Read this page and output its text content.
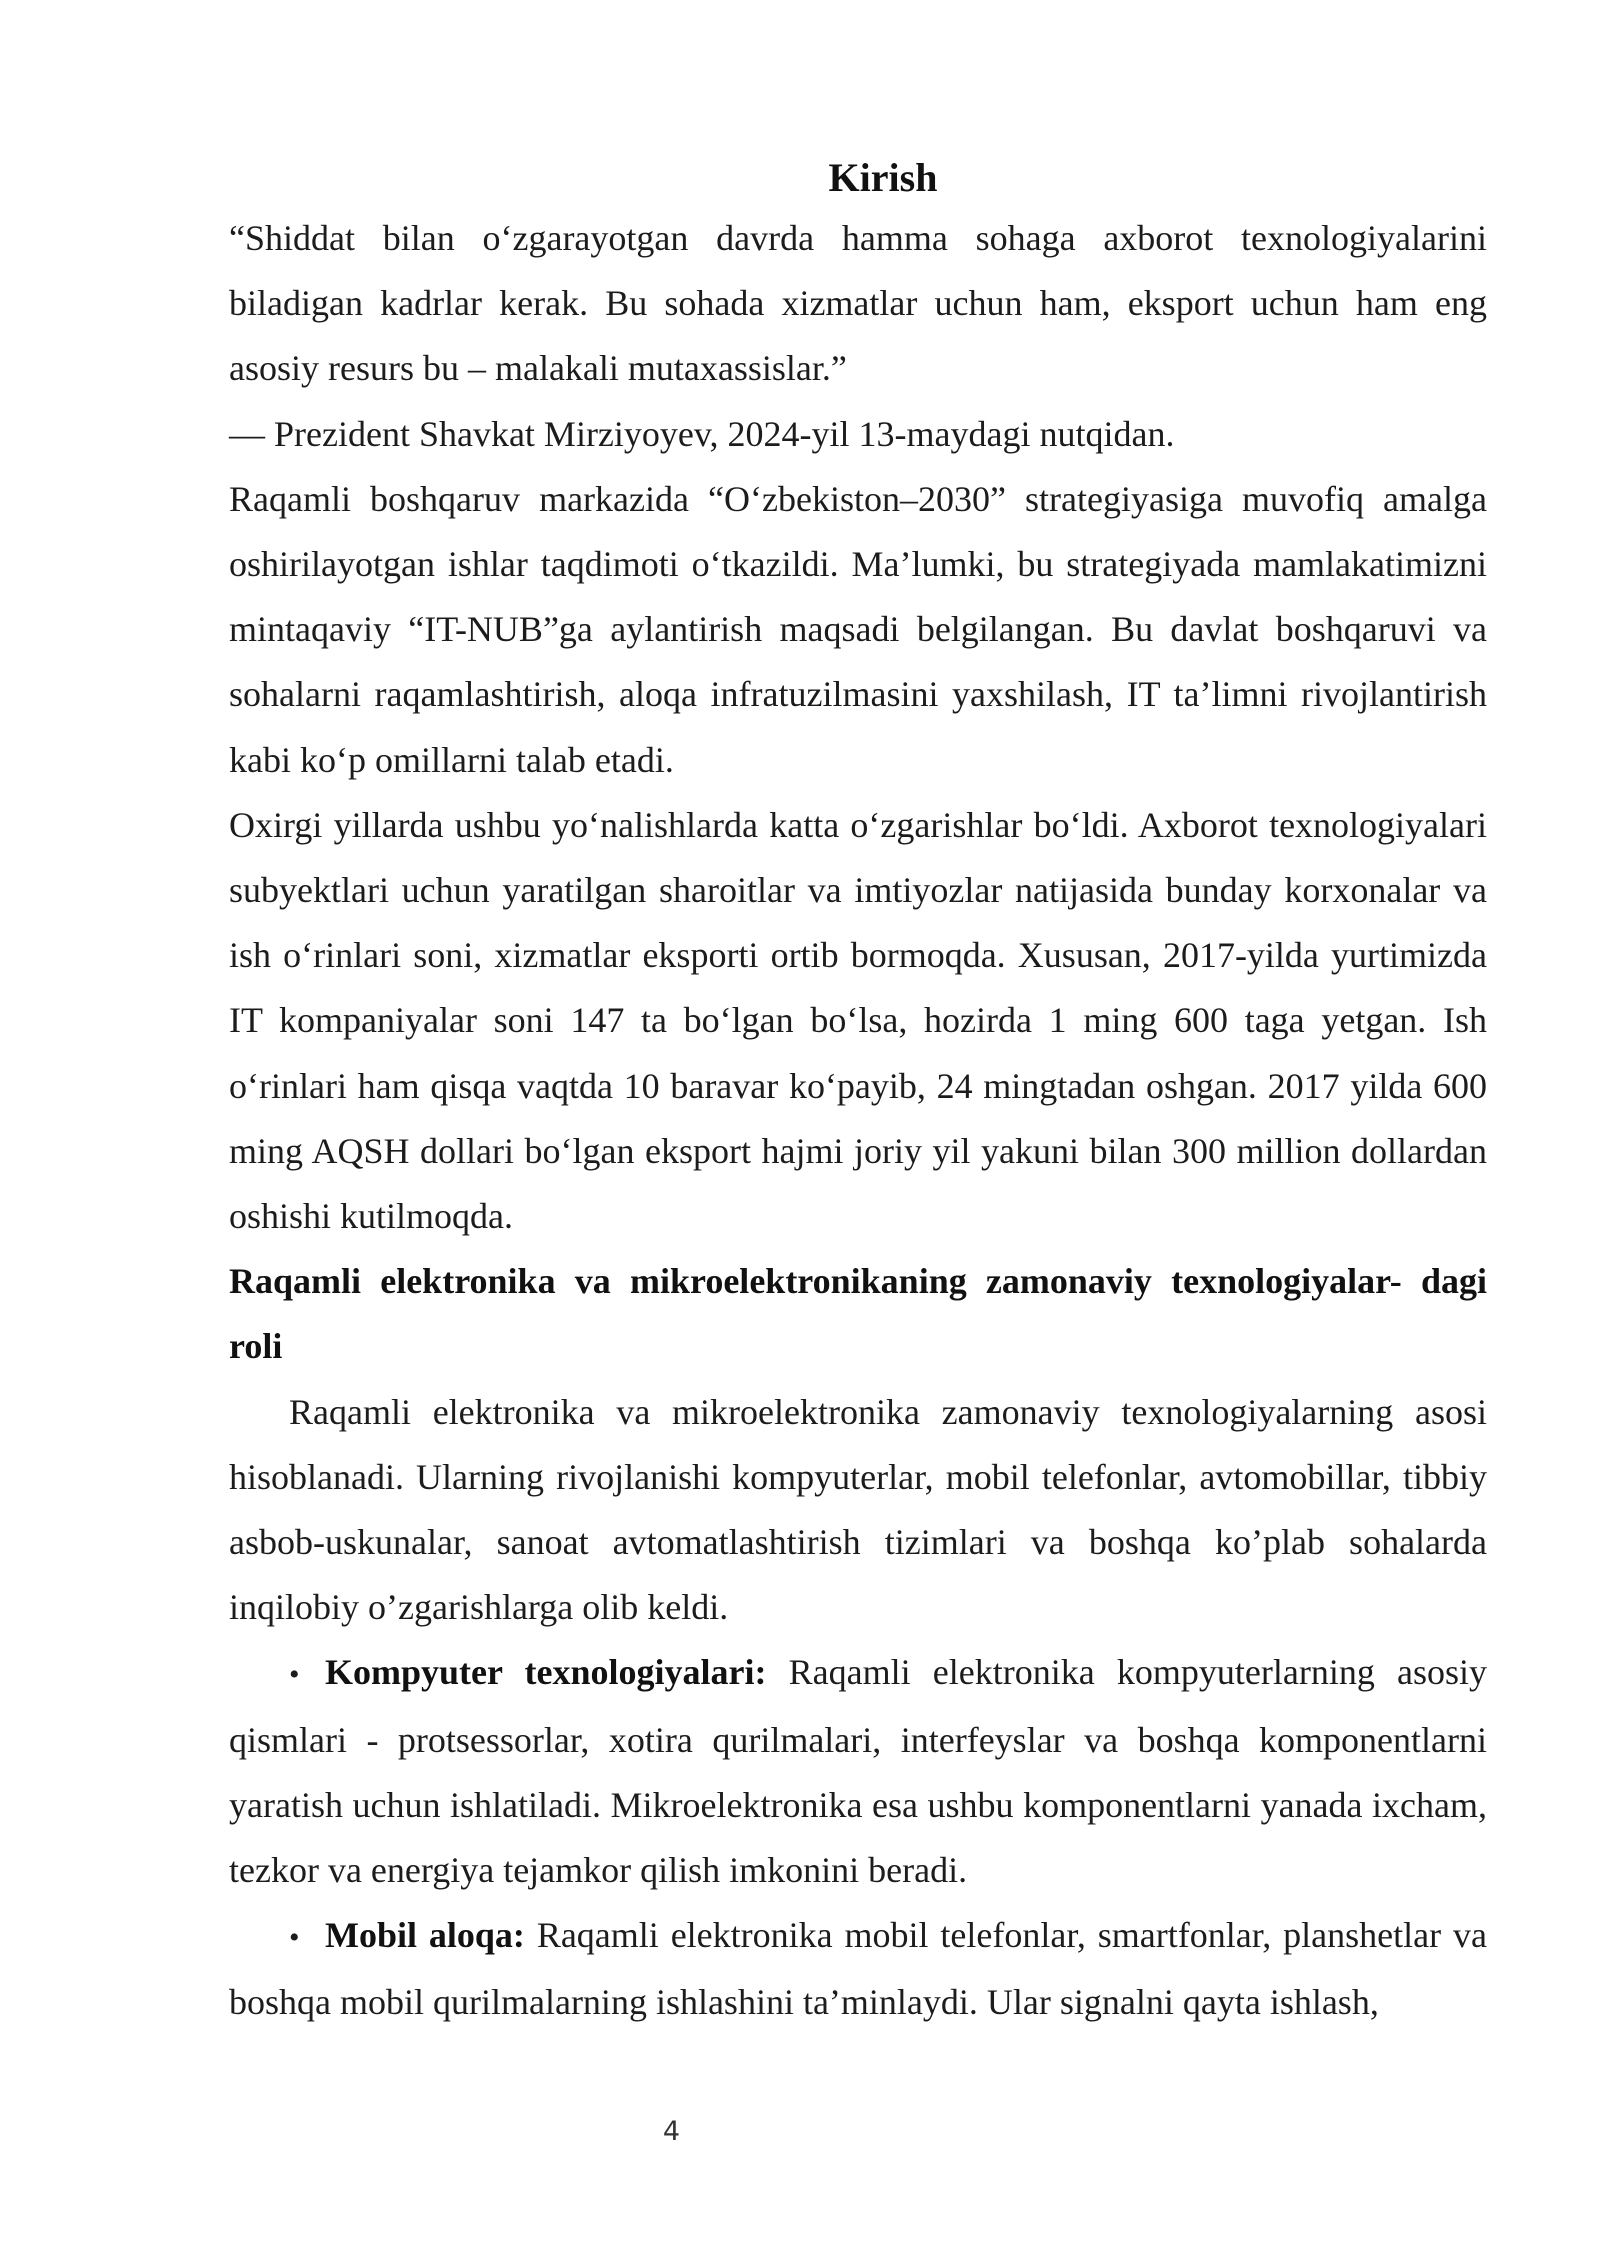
Kirish

“Shiddat bilan o‘zgarayotgan davrda hamma sohaga axborot texnologiyalarini biladigan kadrlar kerak. Bu sohada xizmatlar uchun ham, eksport uchun ham eng asosiy resurs bu – malakali mutaxassislar.”

— Prezident Shavkat Mirziyoyev, 2024-yil 13-maydagi nutqidan.

Raqamli boshqaruv markazida “O‘zbekiston–2030” strategiyasiga muvofiq amalga oshirilayotgan ishlar taqdimoti o‘tkazildi. Ma’lumki, bu strategiyada mamlakatimizni mintaqaviy “IT-NUB”ga aylantirish maqsadi belgilangan. Bu davlat boshqaruvi va sohalarni raqamlashtirish, aloqa infratuzilmasini yaxshilash, IT ta’limni rivojlantirish kabi ko‘p omillarni talab etadi.

Oxirgi yillarda ushbu yo‘nalishlarda katta o‘zgarishlar bo‘ldi. Axborot texnologiyalari subyektlari uchun yaratilgan sharoitlar va imtiyozlar natijasida bunday korxonalar va ish o‘rinlari soni, xizmatlar eksporti ortib bormoqda. Xususan, 2017-yilda yurtimizda IT kompaniyalar soni 147 ta bo‘lgan bo‘lsa, hozirda 1 ming 600 taga yetgan. Ish o‘rinlari ham qisqa vaqtda 10 baravar ko‘payib, 24 mingtadan oshgan. 2017 yilda 600 ming AQSH dollari bo‘lgan eksport hajmi joriy yil yakuni bilan 300 million dollardan oshishi kutilmoqda.

Raqamli elektronika va mikroelektronikaning zamonaviy texnologiyalar- dagi roli

Raqamli elektronika va mikroelektronika zamonaviy texnologiyalarning asosi hisoblanadi. Ularning rivojlanishi kompyuterlar, mobil telefonlar, avtomobillar, tibbiy asbob-uskunalar, sanoat avtomatlashtirish tizimlari va boshqa ko’plab sohalarda inqilobiy o’zgarishlarga olib keldi.

• Kompyuter texnologiyalari: Raqamli elektronika kompyuterlarning asosiy qismlari - protsessorlar, xotira qurilmalari, interfeyslar va boshqa komponentlarni yaratish uchun ishlatiladi. Mikroelektronika esa ushbu komponentlarni yanada ixcham, tezkor va energiya tejamkor qilish imkonini beradi.

• Mobil aloqa: Raqamli elektronika mobil telefonlar, smartfonlar, planshetlar va boshqa mobil qurilmalarning ishlashini ta’minlaydi. Ular signalni qayta ishlash,

4
